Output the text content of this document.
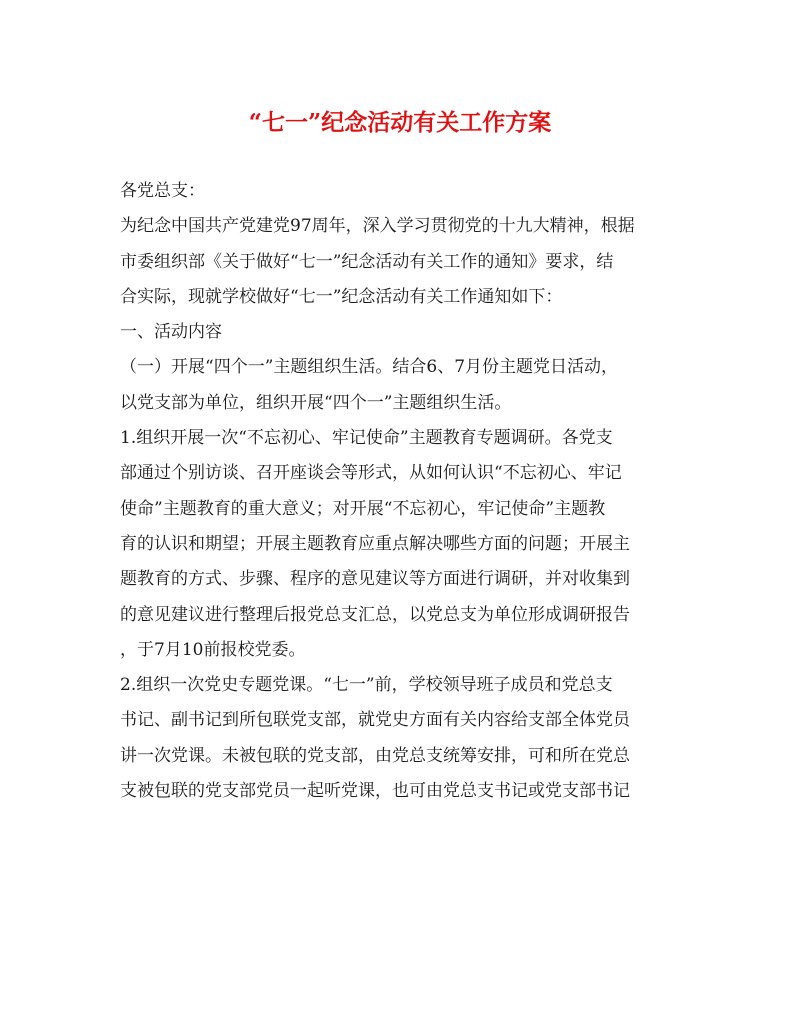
“七一”纪念活动有关工作方案
各党总支：
为纪念中国共产党建党97周年，深入学习贯彻党的十九大精神，根据
市委组织部《关于做好“七一”纪念活动有关工作的通知》要求，结
合实际，现就学校做好“七一”纪念活动有关工作通知如下：
一、活动内容
（一）开展“四个一”主题组织生活。结合6、7月份主题党日活动，
以党支部为单位，组织开展“四个一”主题组织生活。
1.组织开展一次“不忘初心、牢记使命”主题教育专题调研。各党支
部通过个别访谈、召开座谈会等形式，从如何认识“不忘初心、牢记
使命”主题教育的重大意义；对开展“不忘初心，牢记使命”主题教
育的认识和期望；开展主题教育应重点解决哪些方面的问题；开展主
题教育的方式、步骤、程序的意见建议等方面进行调研，并对收集到
的意见建议进行整理后报党总支汇总，以党总支为单位形成调研报告
，于7月10前报校党委。
2.组织一次党史专题党课。“七一”前，学校领导班子成员和党总支
书记、副书记到所包联党支部，就党史方面有关内容给支部全体党员
讲一次党课。未被包联的党支部，由党总支统筹安排，可和所在党总
支被包联的党支部党员一起听党课，也可由党总支书记或党支部书记
